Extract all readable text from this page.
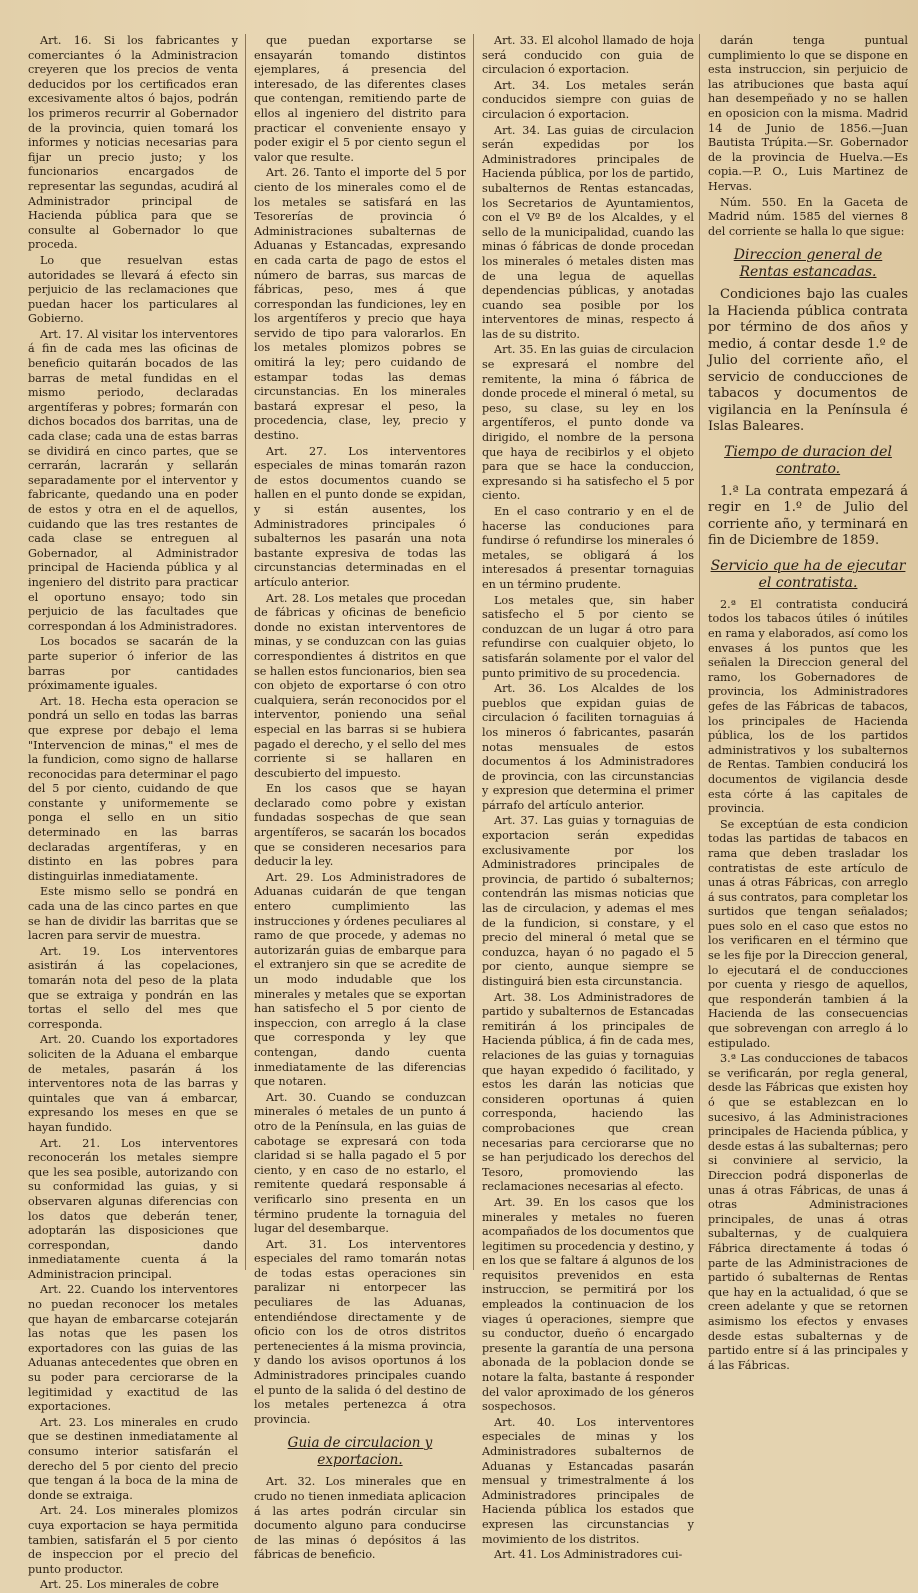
Art. 16. Si los fabricantes y comerciantes ó la Administracion creyeren que los precios de venta deducidos por los certificados eran excesivamente altos ó bajos, podrán los primeros recurrir al Gobernador de la provincia, quien tomará los informes y noticias necesarias para fijar un precio justo; y los funcionarios encargados de representar las segundas, acudirá al Administrador principal de Hacienda pública para que se consulte al Gobernador lo que proceda.

Lo que resuelvan estas autoridades se llevará á efecto sin perjuicio de las reclamaciones que puedan hacer los particulares al Gobierno.

Art. 17. Al visitar los interventores á fin de cada mes las oficinas de beneficio quitarán bocados de las barras de metal fundidas en el mismo periodo, declaradas argentíferas y pobres; formarán con dichos bocados dos barritas, una de cada clase; cada una de estas barras se dividirá en cinco partes, que se cerrarán, lacrarán y sellarán separadamente por el interventor y fabricante, quedando una en poder de estos y otra en el de aquellos, cuidando que las tres restantes de cada clase se entreguen al Gobernador, al Administrador principal de Hacienda pública y al ingeniero del distrito para practicar el oportuno ensayo; todo sin perjuicio de las facultades que correspondan á los Administradores.

Los bocados se sacarán de la parte superior ó inferior de las barras por cantidades próximamente iguales.

Art. 18. Hecha esta operacion se pondrá un sello en todas las barras que exprese por debajo el lema "Intervencion de minas," el mes de la fundicion, como signo de hallarse reconocidas para determinar el pago del 5 por ciento, cuidando de que constante y uniformemente se ponga el sello en un sitio determinado en las barras declaradas argentíferas, y en distinto en las pobres para distinguirlas inmediatamente.

Este mismo sello se pondrá en cada una de las cinco partes en que se han de dividir las barritas que se lacren para servir de muestra.

Art. 19. Los interventores asistirán á las copelaciones, tomarán nota del peso de la plata que se extraiga y pondrán en las tortas el sello del mes que corresponda.

Art. 20. Cuando los exportadores soliciten de la Aduana el embarque de metales, pasarán á los interventores nota de las barras y quintales que van á embarcar, expresando los meses en que se hayan fundido.

Art. 21. Los interventores reconocerán los metales siempre que les sea posible, autorizando con su conformidad las guias, y si observaren algunas diferencias con los datos que deberán tener, adoptarán las disposiciones que correspondan, dando inmediatamente cuenta á la Administracion principal.

Art. 22. Cuando los interventores no puedan reconocer los metales que hayan de embarcarse cotejarán las notas que les pasen los exportadores con las guias de las Aduanas antecedentes que obren en su poder para cerciorarse de la legitimidad y exactitud de las exportaciones.

Art. 23. Los minerales en crudo que se destinen inmediatamente al consumo interior satisfarán el derecho del 5 por ciento del precio que tengan á la boca de la mina de donde se extraiga.

Art. 24. Los minerales plomizos cuya exportacion se haya permitida tambien, satisfarán el 5 por ciento de inspeccion por el precio del punto productor.

Art. 25. Los minerales de cobre

que puedan exportarse se ensayarán tomando distintos ejemplares, á presencia del interesado, de las diferentes clases que contengan, remitiendo parte de ellos al ingeniero del distrito para practicar el conveniente ensayo y poder exigir el 5 por ciento segun el valor que resulte.

Art. 26. Tanto el importe del 5 por ciento de los minerales como el de los metales se satisfará en las Tesorerías de provincia ó Administraciones subalternas de Aduanas y Estancadas, expresando en cada carta de pago de estos el número de barras, sus marcas de fábricas, peso, mes á que correspondan las fundiciones, ley en los argentíferos y precio que haya servido de tipo para valorarlos. En los metales plomizos pobres se omitirá la ley; pero cuidando de estampar todas las demas circunstancias. En los minerales bastará expresar el peso, la procedencia, clase, ley, precio y destino.

Art. 27. Los interventores especiales de minas tomarán razon de estos documentos cuando se hallen en el punto donde se expidan, y si están ausentes, los Administradores principales ó subalternos les pasarán una nota bastante expresiva de todas las circunstancias determinadas en el artículo anterior.

Art. 28. Los metales que procedan de fábricas y oficinas de beneficio donde no existan interventores de minas, y se conduzcan con las guias correspondientes á distritos en que se hallen estos funcionarios, bien sea con objeto de exportarse ó con otro cualquiera, serán reconocidos por el interventor, poniendo una señal especial en las barras si se hubiera pagado el derecho, y el sello del mes corriente si se hallaren en descubierto del impuesto.

En los casos que se hayan declarado como pobre y existan fundadas sospechas de que sean argentíferos, se sacarán los bocados que se consideren necesarios para deducir la ley.

Art. 29. Los Administradores de Aduanas cuidarán de que tengan entero cumplimiento las instrucciones y órdenes peculiares al ramo de que procede, y ademas no autorizarán guias de embarque para el extranjero sin que se acredite de un modo indudable que los minerales y metales que se exportan han satisfecho el 5 por ciento de inspeccion, con arreglo á la clase que corresponda y ley que contengan, dando cuenta inmediatamente de las diferencias que notaren.

Art. 30. Cuando se conduzcan minerales ó metales de un punto á otro de la Península, en las guias de cabotage se expresará con toda claridad si se halla pagado el 5 por ciento, y en caso de no estarlo, el remitente quedará responsable á verificarlo sino presenta en un término prudente la tornaguia del lugar del desembarque.

Art. 31. Los interventores especiales del ramo tomarán notas de todas estas operaciones sin paralizar ni entorpecer las peculiares de las Aduanas, entendiéndose directamente y de oficio con los de otros distritos pertenecientes á la misma provincia, y dando los avisos oportunos á los Administradores principales cuando el punto de la salida ó del destino de los metales pertenezca á otra provincia.

Guia de circulacion y exportacion.

Art. 32. Los minerales que en crudo no tienen inmediata aplicacion á las artes podrán circular sin documento alguno para conducirse de las minas ó depósitos á las fábricas de beneficio.

Art. 33. El alcohol llamado de hoja será conducido con guia de circulacion ó exportacion.

Art. 34. Los metales serán conducidos siempre con guias de circulacion ó exportacion.

Art. 34. Las guias de circulacion serán expedidas por los Administradores principales de Hacienda pública, por los de partido, subalternos de Rentas estancadas, los Secretarios de Ayuntamientos, con el Vº Bº de los Alcaldes, y el sello de la municipalidad, cuando las minas ó fábricas de donde procedan los minerales ó metales disten mas de una legua de aquellas dependencias públicas, y anotadas cuando sea posible por los interventores de minas, respecto á las de su distrito.

Art. 35. En las guias de circulacion se expresará el nombre del remitente, la mina ó fábrica de donde procede el mineral ó metal, su peso, su clase, su ley en los argentíferos, el punto donde va dirigido, el nombre de la persona que haya de recibirlos y el objeto para que se hace la conduccion, expresando si ha satisfecho el 5 por ciento.

En el caso contrario y en el de hacerse las conduciones para fundirse ó refundirse los minerales ó metales, se obligará á los interesados á presentar tornaguias en un término prudente.

Los metales que, sin haber satisfecho el 5 por ciento se conduzcan de un lugar á otro para refundirse con cualquier objeto, lo satisfarán solamente por el valor del punto primitivo de su procedencia.

Art. 36. Los Alcaldes de los pueblos que expidan guias de circulacion ó faciliten tornaguias á los mineros ó fabricantes, pasarán notas mensuales de estos documentos á los Administradores de provincia, con las circunstancias y expresion que determina el primer párrafo del artículo anterior.

Art. 37. Las guias y tornaguias de exportacion serán expedidas exclusivamente por los Administradores principales de provincia, de partido ó subalternos; contendrán las mismas noticias que las de circulacion, y ademas el mes de la fundicion, si constare, y el precio del mineral ó metal que se conduzca, hayan ó no pagado el 5 por ciento, aunque siempre se distinguirá bien esta circunstancia.

Art. 38. Los Administradores de partido y subalternos de Estancadas remitirán á los principales de Hacienda pública, á fin de cada mes, relaciones de las guias y tornaguias que hayan expedido ó facilitado, y estos les darán las noticias que consideren oportunas á quien corresponda, haciendo las comprobaciones que crean necesarias para cerciorarse que no se han perjudicado los derechos del Tesoro, promoviendo las reclamaciones necesarias al efecto.

Art. 39. En los casos que los minerales y metales no fueren acompañados de los documentos que legitimen su procedencia y destino, y en los que se faltare á algunos de los requisitos prevenidos en esta instruccion, se permitirá por los empleados la continuacion de los viages ú operaciones, siempre que su conductor, dueño ó encargado presente la garantía de una persona abonada de la poblacion donde se notare la falta, bastante á responder del valor aproximado de los géneros sospechosos.

Art. 40. Los interventores especiales de minas y los Administradores subalternos de Aduanas y Estancadas pasarán mensual y trimestralmente á los Administradores principales de Hacienda pública los estados que expresen las circunstancias y movimiento de los distritos.

Art. 41. Los Administradores cui-

darán tenga puntual cumplimiento lo que se dispone en esta instruccion, sin perjuicio de las atribuciones que basta aquí han desempeñado y no se hallen en oposicion con la misma. Madrid 14 de Junio de 1856.—Juan Bautista Trúpita.—Sr. Gobernador de la provincia de Huelva.—Es copia.—P. O., Luis Martinez de Hervas.

Núm. 550. En la Gaceta de Madrid núm. 1585 del viernes 8 del corriente se halla lo que sigue:

Direccion general de Rentas estancadas.

Condiciones bajo las cuales la Hacienda pública contrata por término de dos años y medio, á contar desde 1.º de Julio del corriente año, el servicio de conducciones de tabacos y documentos de vigilancia en la Península é Islas Baleares.

Tiempo de duracion del contrato.

1.ª La contrata empezará á regir en 1.º de Julio del corriente año, y terminará en fin de Diciembre de 1859.

Servicio que ha de ejecutar el contratista.

2.ª El contratista conducirá todos los tabacos útiles ó inútiles en rama y elaborados, así como los envases á los puntos que les señalen la Direccion general del ramo, los Gobernadores de provincia, los Administradores gefes de las Fábricas de tabacos, los principales de Hacienda pública, los de los partidos administrativos y los subalternos de Rentas. Tambien conducirá los documentos de vigilancia desde esta córte á las capitales de provincia.

Se exceptúan de esta condicion todas las partidas de tabacos en rama que deben trasladar los contratistas de este artículo de unas á otras Fábricas, con arreglo á sus contratos, para completar los surtidos que tengan señalados; pues solo en el caso que estos no los verificaren en el término que se les fije por la Direccion general, lo ejecutará el de conducciones por cuenta y riesgo de aquellos, que responderán tambien á la Hacienda de las consecuencias que sobrevengan con arreglo á lo estipulado.

3.ª Las conducciones de tabacos se verificarán, por regla general, desde las Fábricas que existen hoy ó que se establezcan en lo sucesivo, á las Administraciones principales de Hacienda pública, y desde estas á las subalternas; pero si conviniere al servicio, la Direccion podrá disponerlas de unas á otras Fábricas, de unas á otras Administraciones principales, de unas á otras subalternas, y de cualquiera Fábrica directamente á todas ó parte de las Administraciones de partido ó subalternas de Rentas que hay en la actualidad, ó que se creen adelante y que se retornen asimismo los efectos y envases desde estas subalternas y de partido entre sí á las principales y á las Fábricas.
